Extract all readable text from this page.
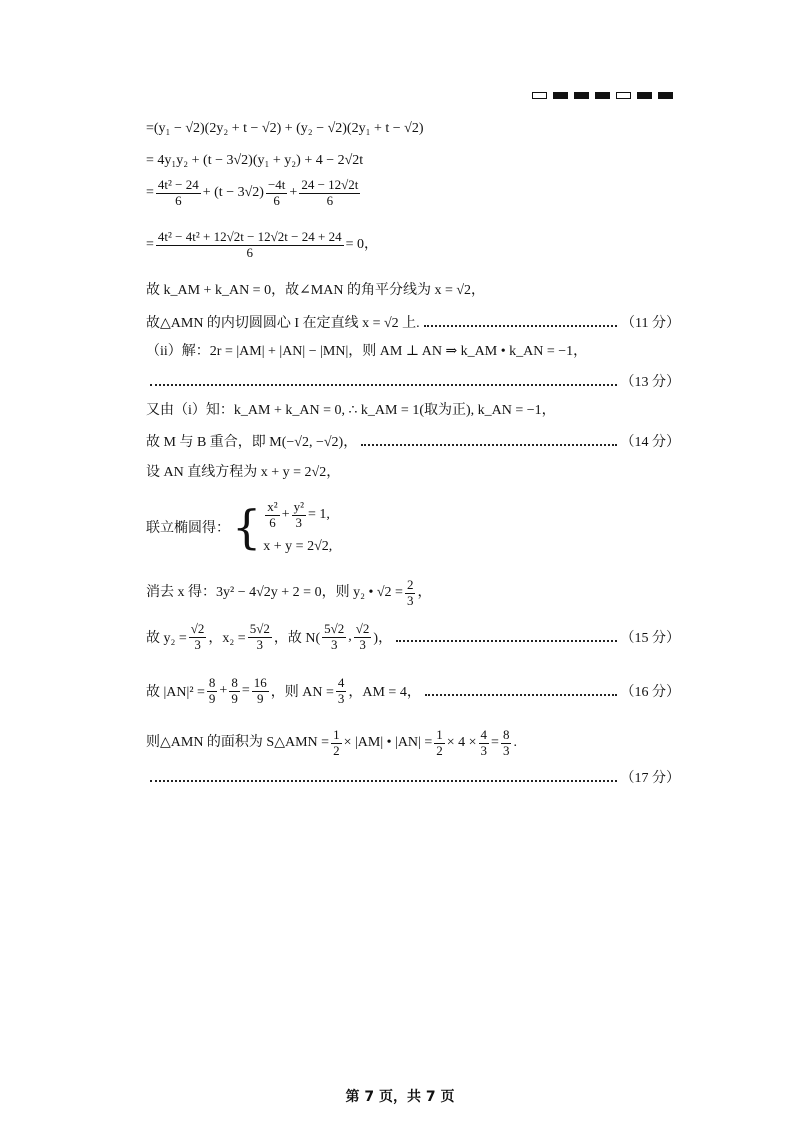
=(y₁ − √2)(2y₂ + t − √2) + (y₂ − √2)(2y₁ + t − √2)
= 4y₁y₂ + (t − 3√2)(y₁ + y₂) + 4 − 2√2t
= $\frac{\text{4t² − 24}}{6} + (t - 3√2) \frac{-4t}{6} + \frac{24 - 12√2t}{6}$
= $\frac{\text{4t² − 4t² + 12√2t − 12√2t − 24 + 24}}{6} = 0$，
故 k_AM + k_AN = 0，故∠MAN 的角平分线为 x = √2，
故△AMN 的内切圆圆心 I 在定直线 x = √2 上.	（11 分）
（ii）解：2r = |AM| + |AN| − |MN|，则 AM ⊥ AN ⇒ k_AM • k_AN = −1，
（13 分）
又由（i）知：k_AM + k_AN = 0, ∴ k_AM = 1(取为正), k_AN = −1，
故 M 与 B 重合，即 M(−√2, −√2)，	（14 分）
设 AN 直线方程为 x + y = 2√2，
联立椭圆得： { $\frac{\text{x²}}{6} + \frac{\text{y²}}{3} = 1$,
x + y = 2√2,
消去 x 得：3y² − 4√2y + 2 = 0，则 y₂ • $√2 = \frac{2}{3}$ ，
故 $y_2 = \frac{√2}{3}$ ，$x_2 = \frac{5√2}{3}$ ，故 $N( \frac{5√2}{3}$ , $\frac{√2}{3}$ )，	（15 分）
故 $|AN|^2 = \frac{8}{9} + \frac{8}{9} = \frac{16}{9}$ ，则 AN = $\frac{4}{3}$ ，AM = 4，	（16 分）
则△AMN 的面积为 S△AMN = $\frac{1}{2} \times |AM|$ • $|AN| = \frac{1}{2} \times 4 \times \frac{4}{3} = \frac{8}{3}$ .
（17 分）
第 7 页，共 7 页
